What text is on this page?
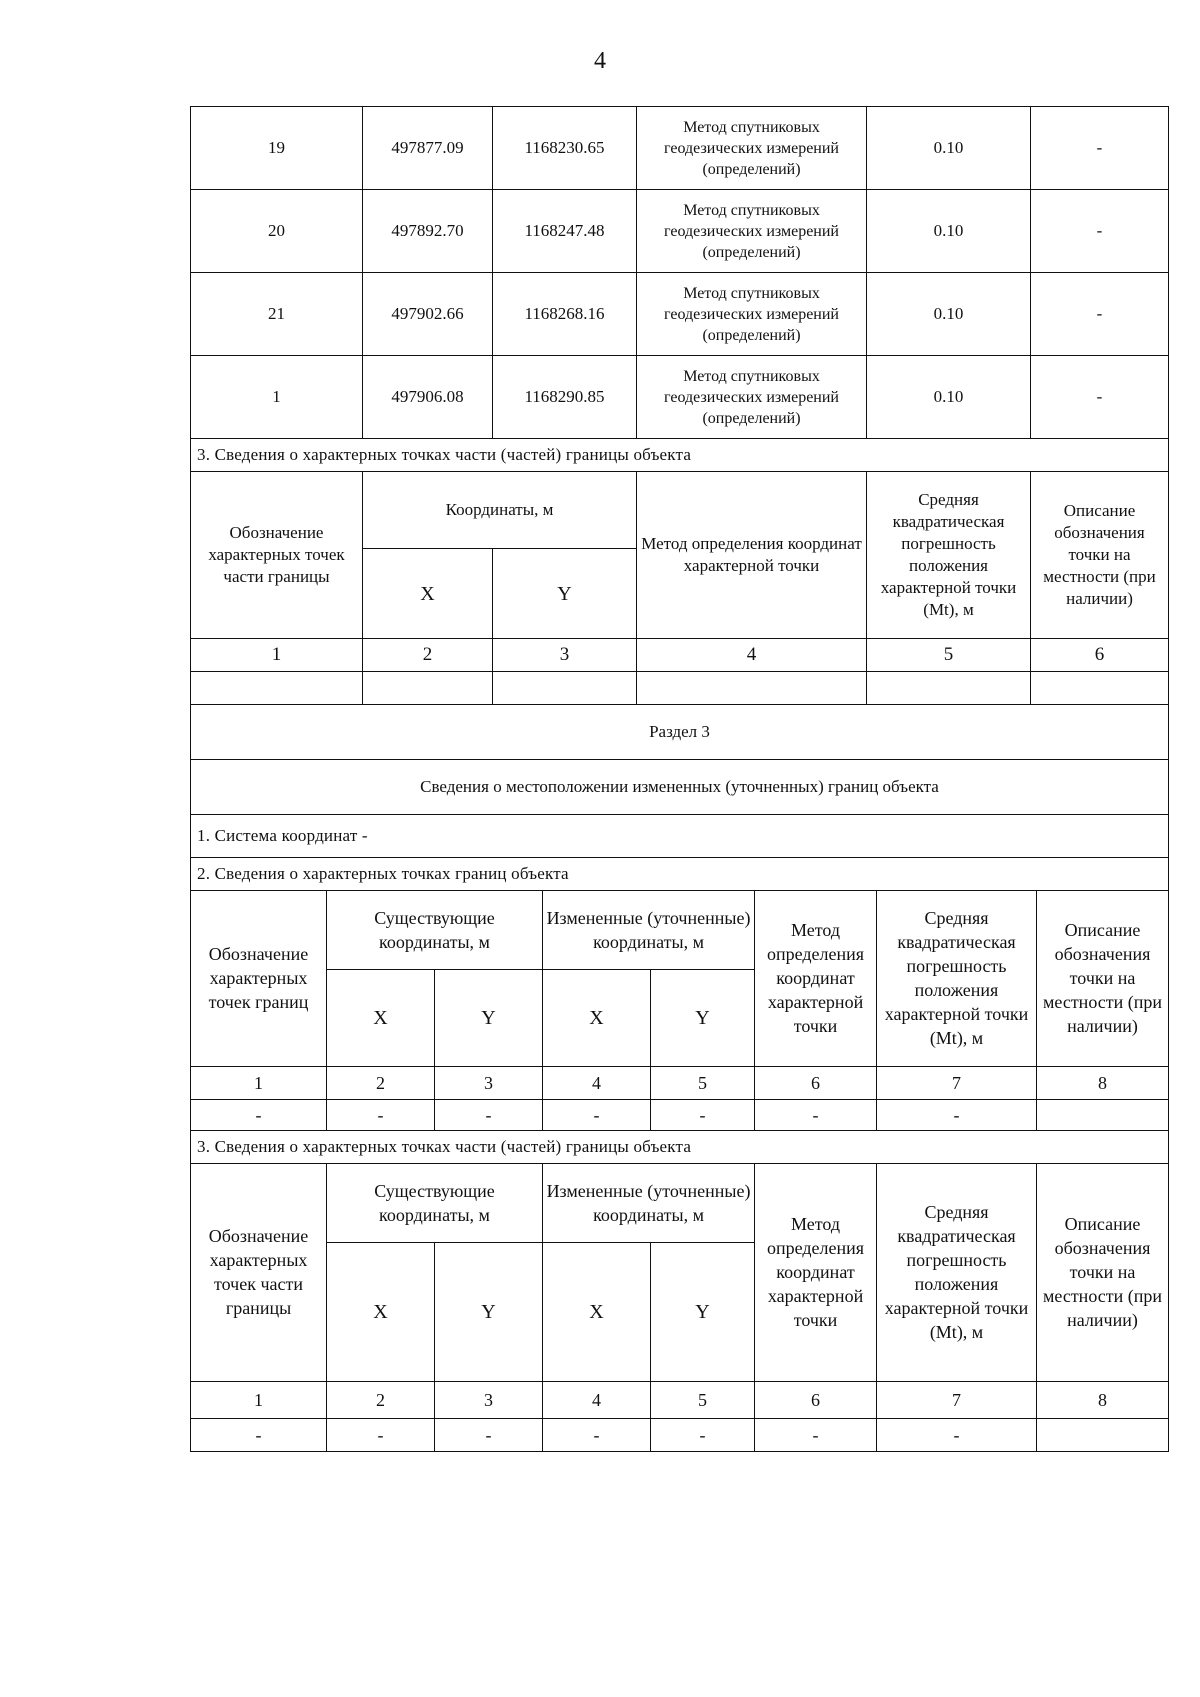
4
19	497877.09	1168230.65	Метод спутниковых геодезических измерений (определений)	0.10	-
20	497892.70	1168247.48	Метод спутниковых геодезических измерений (определений)	0.10	-
21	497902.66	1168268.16	Метод спутниковых геодезических измерений (определений)	0.10	-
1	497906.08	1168290.85	Метод спутниковых геодезических измерений (определений)	0.10	-
3. Сведения о характерных точках части (частей) границы объекта					
Обозначение характерных точек части границы	Координаты, м		Метод определения координат характерной точки	Средняя квадратическая погрешность положения характерной точки (Mt), м	Описание обозначения точки на местности (при наличии)
	X	Y			
1	2	3	4	5	6

Раздел 3					
Сведения о местоположении измененных (уточненных) границ объекта					
1. Система координат -					
2. Сведения о характерных точках границ объекта					
Обозначение характерных точек границ	Существующие координаты, м		Измененные (уточненные) координаты, м		Метод определения координат характерной точки	Средняя квадратическая погрешность положения характерной точки (Mt), м	Описание обозначения точки на местности (при наличии)
	X	Y	X	Y			
1	2	3	4	5	6	7	8
-	-	-	-	-	-	-	
3. Сведения о характерных точках части (частей) границы объекта							
Обозначение характерных точек части границы	Существующие координаты, м		Измененные (уточненные) координаты, м		Метод определения координат характерной точки	Средняя квадратическая погрешность положения характерной точки (Mt), м	Описание обозначения точки на местности (при наличии)
	X	Y	X	Y			
1	2	3	4	5	6	7	8
-	-	-	-	-	-	-	
